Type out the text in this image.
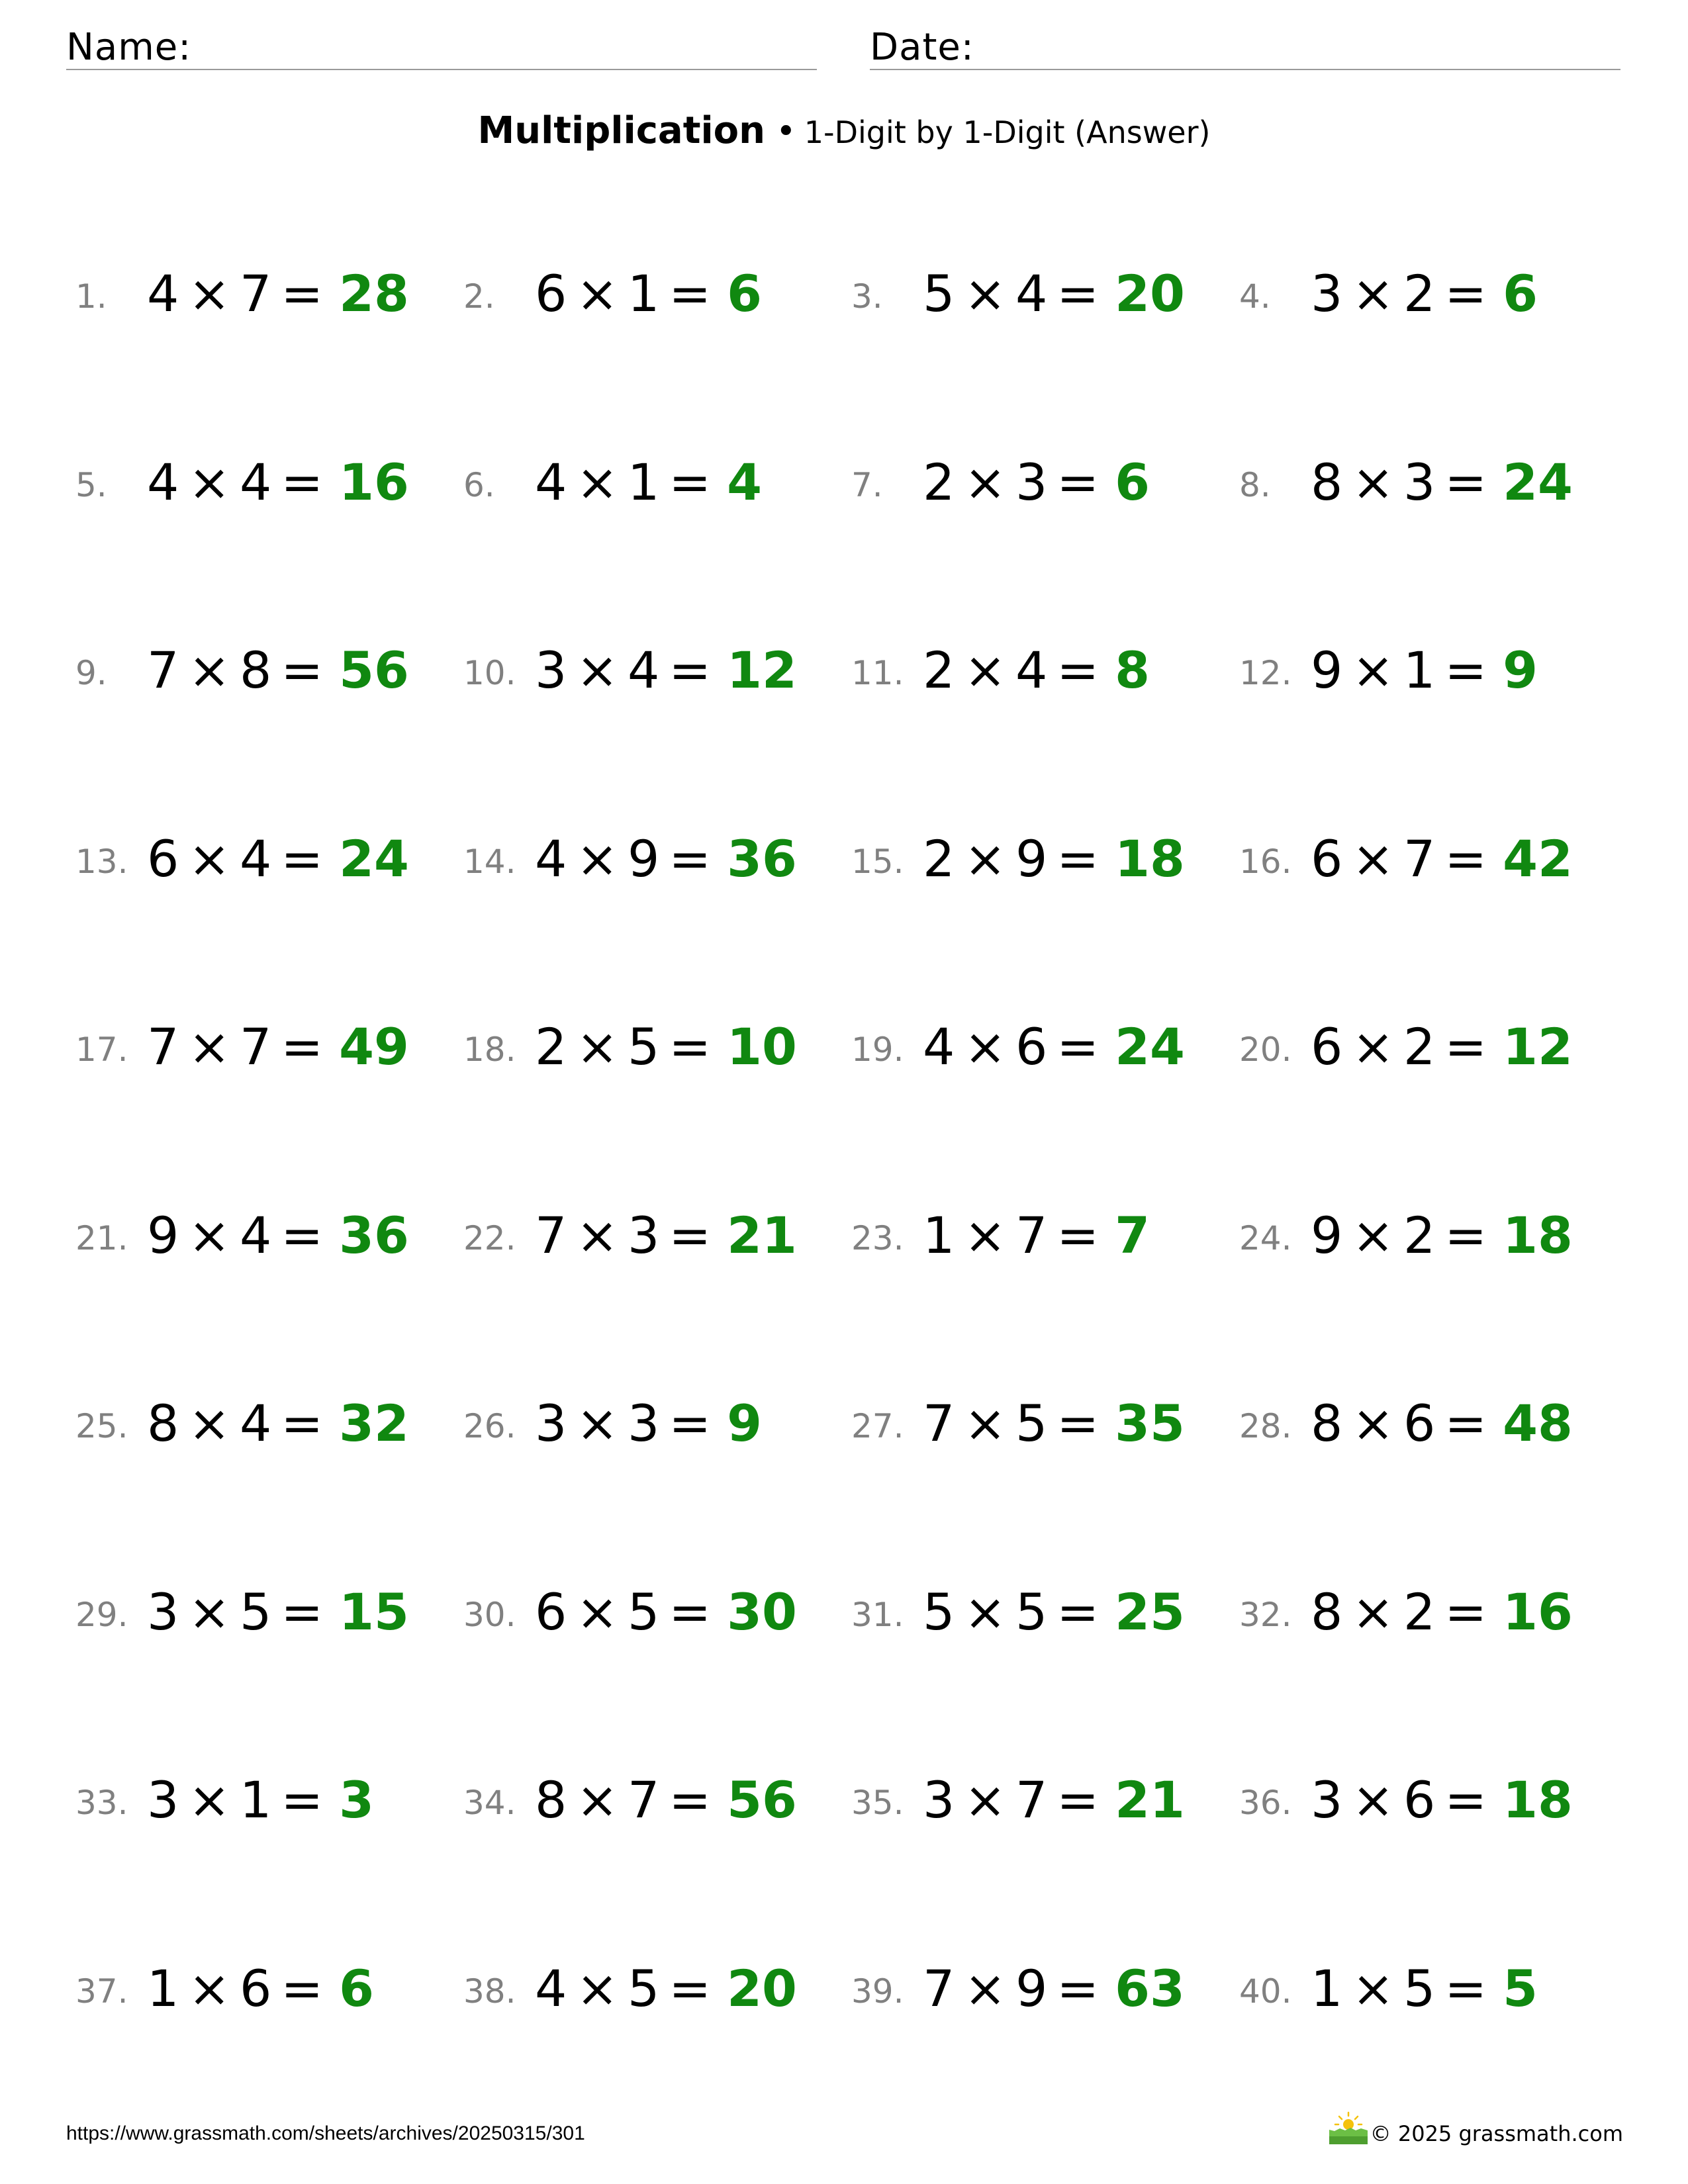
Name:	Date:
Multiplication • 1-Digit by 1-Digit (Answer)
1. 4 × 7 = 28 2. 6 × 1 = 6	3. 5 × 4 = 20 4. 3 × 2 = 6
5. 4 × 4 = 16 6. 4 × 1 = 4	7. 2 × 3 = 6	8. 8 × 3 = 24
9. 7 × 8 = 56 10. 3 × 4 = 12 11. 2 × 4 = 8	12. 9 × 1 = 9
13. 6 × 4 = 24 14. 4 × 9 = 36 15. 2 × 9 = 18 16. 6 × 7 = 42
17. 7 × 7 = 49 18. 2 × 5 = 10 19. 4 × 6 = 24 20. 6 × 2 = 12
21. 9 × 4 = 36 22. 7 × 3 = 21 23. 1 × 7 = 7	24. 9 × 2 = 18
25. 8 × 4 = 32 26. 3 × 3 = 9	27. 7 × 5 = 35 28. 8 × 6 = 48
29. 3 × 5 = 15 30. 6 × 5 = 30 31. 5 × 5 = 25 32. 8 × 2 = 16
33. 3 × 1 = 3	34. 8 × 7 = 56 35. 3 × 7 = 21 36. 3 × 6 = 18
37. 1 × 6 = 6	38. 4 × 5 = 20 39. 7 × 9 = 63 40. 1 × 5 = 5
https://www.grassmath.com/sheets/archives/20250315/301	© 2025 grassmath.com
